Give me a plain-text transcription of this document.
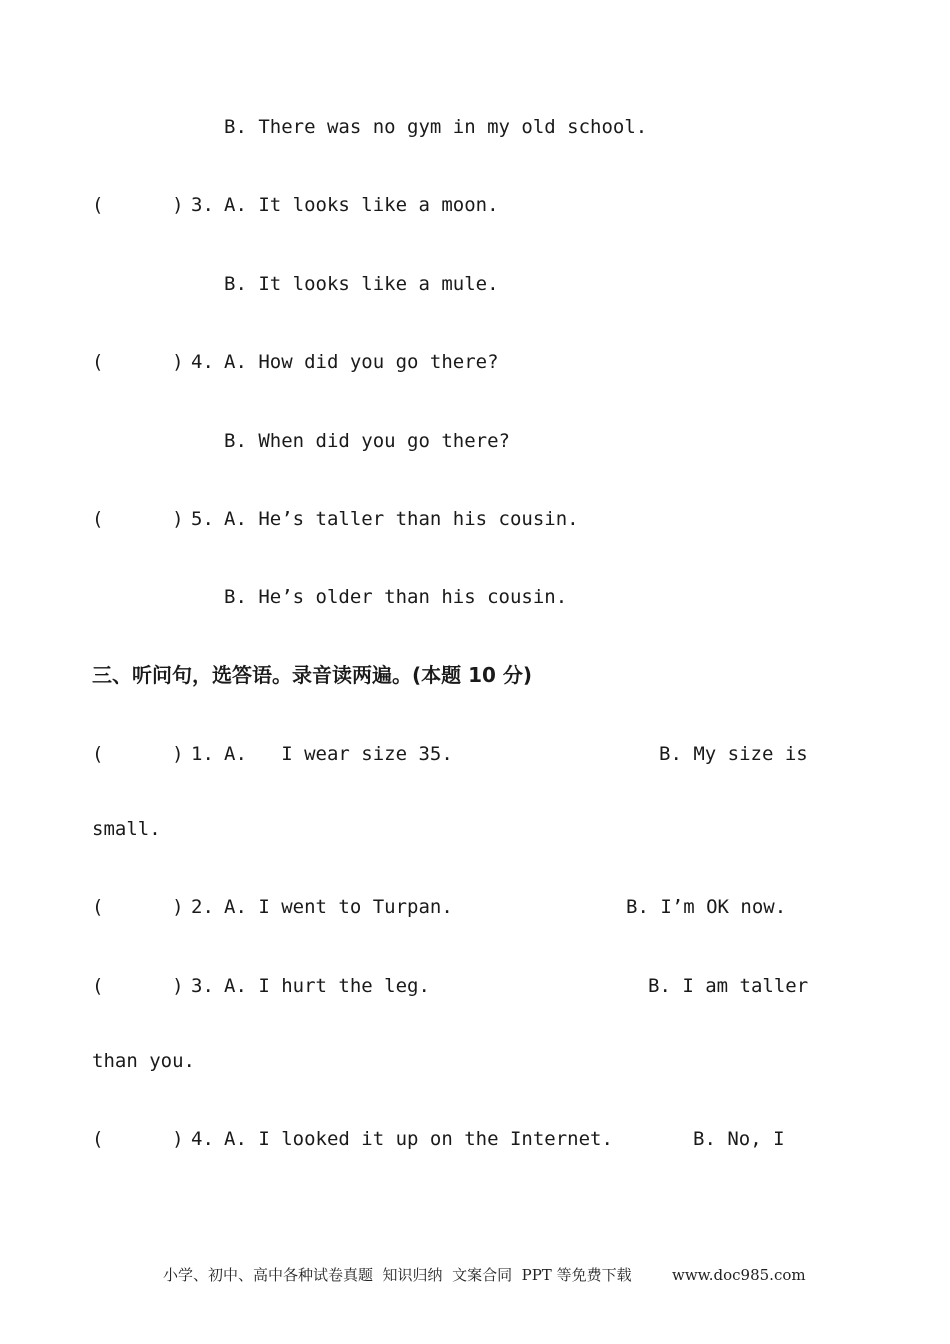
B. There was no gym in my old school.
(      ) 3. A. It looks like a moon.
B. It looks like a mule.
(      ) 4. A. How did you go there?
B. When did you go there?
(      ) 5. A. He’s taller than his cousin.
B. He’s older than his cousin.
三、听问句，选答语。录音读两遍。(本题 10 分)
(      ) 1. A.   I wear size 35.	B. My size is
small.
(      ) 2. A. I went to Turpan.	B. I’m OK now.
(      ) 3. A. I hurt the leg.	B. I am taller
than you.
(      ) 4. A. I looked it up on the Internet.	B. No, I
小学、初中、高中各种试卷真题  知识归纳  文案合同  PPT 等免费下载	www.doc985.com
